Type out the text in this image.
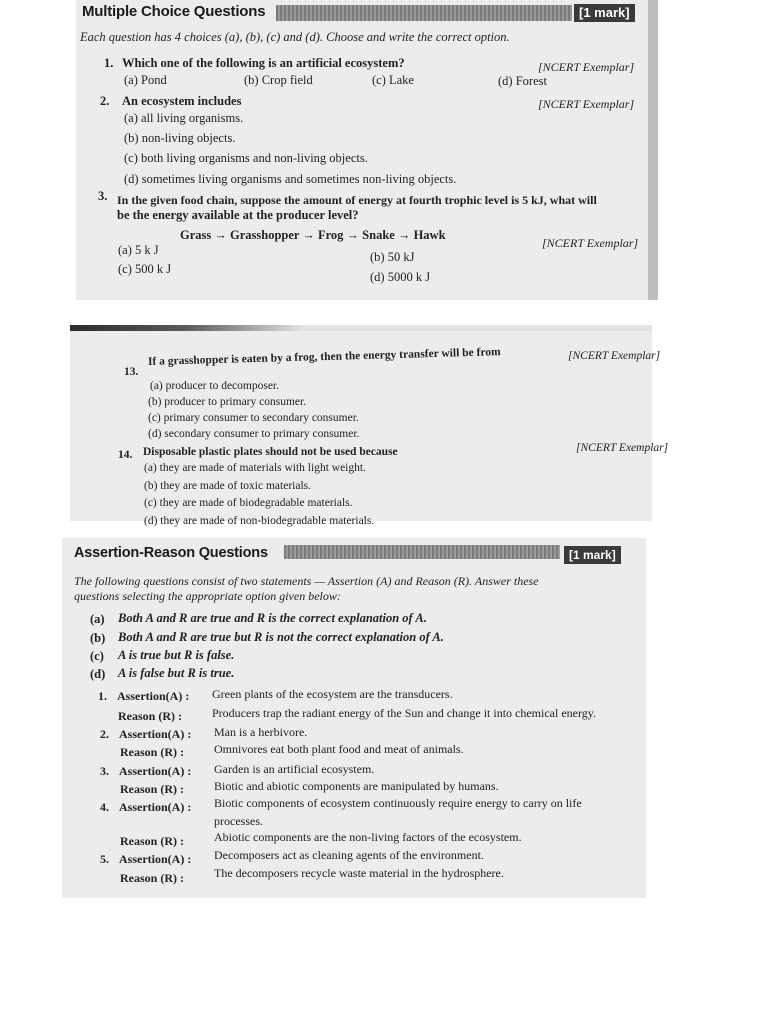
Multiple Choice Questions	[1 mark]
Each question has 4 choices (a), (b), (c) and (d). Choose and write the correct option.
1. Which one of the following is an artificial ecosystem?	[NCERT Exemplar]
(a) Pond	(b) Crop field	(c) Lake	(d) Forest
2. An ecosystem includes	[NCERT Exemplar]
(a) all living organisms.
(b) non-living objects.
(c) both living organisms and non-living objects.
(d) sometimes living organisms and sometimes non-living objects.
3. In the given food chain, suppose the amount of energy at fourth trophic level is 5 kJ, what will
be the energy available at the producer level?
Grass → Grasshopper → Frog → Snake → Hawk
[NCERT Exemplar]
(a) 5 k J	(b) 50 kJ
(c) 500 k J
(d) 5000 k J
13.
If a grasshopper is eaten by a frog, then the energy transfer will be from	[NCERT Exemplar]
(a) producer to decomposer.
(b) producer to primary consumer.
(c) primary consumer to secondary consumer.
(d) secondary consumer to primary consumer.
14. Disposable plastic plates should not be used because	[NCERT Exemplar]
(a) they are made of materials with light weight.
(b) they are made of toxic materials.
(c) they are made of biodegradable materials.
(d) they are made of non-biodegradable materials.
Assertion-Reason Questions	[1 mark]
The following questions consist of two statements — Assertion (A) and Reason (R). Answer these
questions selecting the appropriate option given below:
(a) Both A and R are true and R is the correct explanation of A.
(b) Both A and R are true but R is not the correct explanation of A.
(c) A is true but R is false.
(d) A is false but R is true.
1. Assertion(A) : Green plants of the ecosystem are the transducers.
Reason (R) :	Producers trap the radiant energy of the Sun and change it into chemical energy.
2. Assertion(A) : Man is a herbivore.
Reason (R) :	Omnivores eat both plant food and meat of animals.
3. Assertion(A) : Garden is an artificial ecosystem.
Reason (R) :	Biotic and abiotic components are manipulated by humans.
4. Assertion(A) : Biotic components of ecosystem continuously require energy to carry on life
processes.
Reason (R) :	Abiotic components are the non-living factors of the ecosystem.
5. Assertion(A) : Decomposers act as cleaning agents of the environment.
Reason (R) :	The decomposers recycle waste material in the hydrosphere.
